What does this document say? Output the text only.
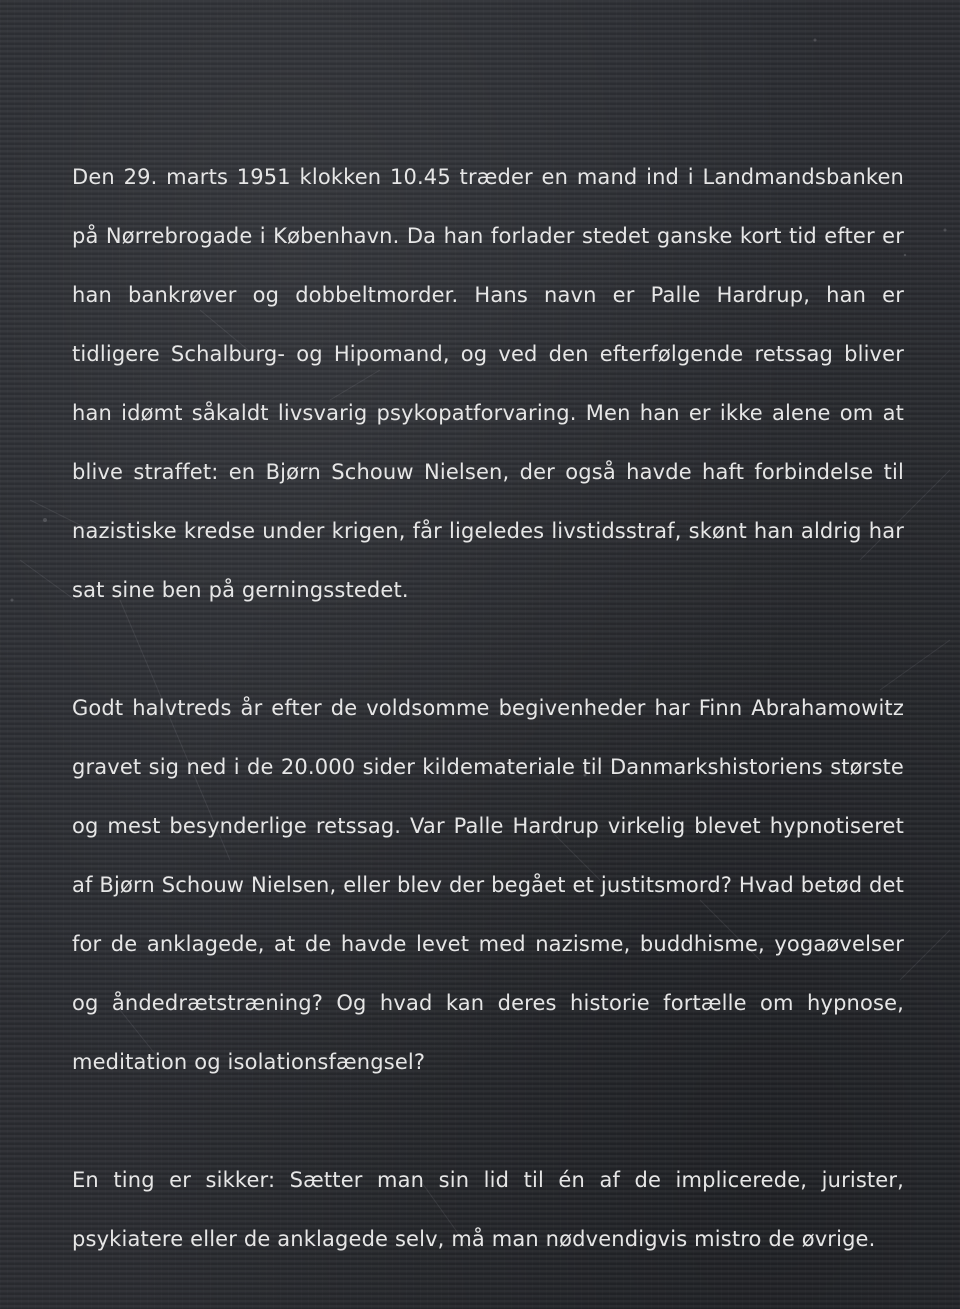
Den 29. marts 1951 klokken 10.45 træder en mand ind i Landmandsbanken på Nørrebrogade i København. Da han forlader stedet ganske kort tid efter er han bankrøver og dobbeltmorder. Hans navn er Palle Hardrup, han er tidligere Schalburg- og Hipomand, og ved den efterfølgende retssag bliver han idømt såkaldt livsvarig psykopatforvaring. Men han er ikke alene om at blive straffet: en Bjørn Schouw Nielsen, der også havde haft forbindelse til nazistiske kredse under krigen, får ligeledes livstidsstraf, skønt han aldrig har sat sine ben på gerningsstedet.

Godt halvtreds år efter de voldsomme begivenheder har Finn Abrahamowitz gravet sig ned i de 20.000 sider kildemateriale til Danmarkshistoriens største og mest besynderlige retssag. Var Palle Hardrup virkelig blevet hypnotiseret af Bjørn Schouw Nielsen, eller blev der begået et justitsmord? Hvad betød det for de anklagede, at de havde levet med nazisme, buddhisme, yogaøvelser og åndedrætstræning? Og hvad kan deres historie fortælle om hypnose, meditation og isolationsfængsel?

En ting er sikker: Sætter man sin lid til én af de implicerede, jurister, psykiatere eller de anklagede selv, må man nødvendigvis mistro de øvrige.
